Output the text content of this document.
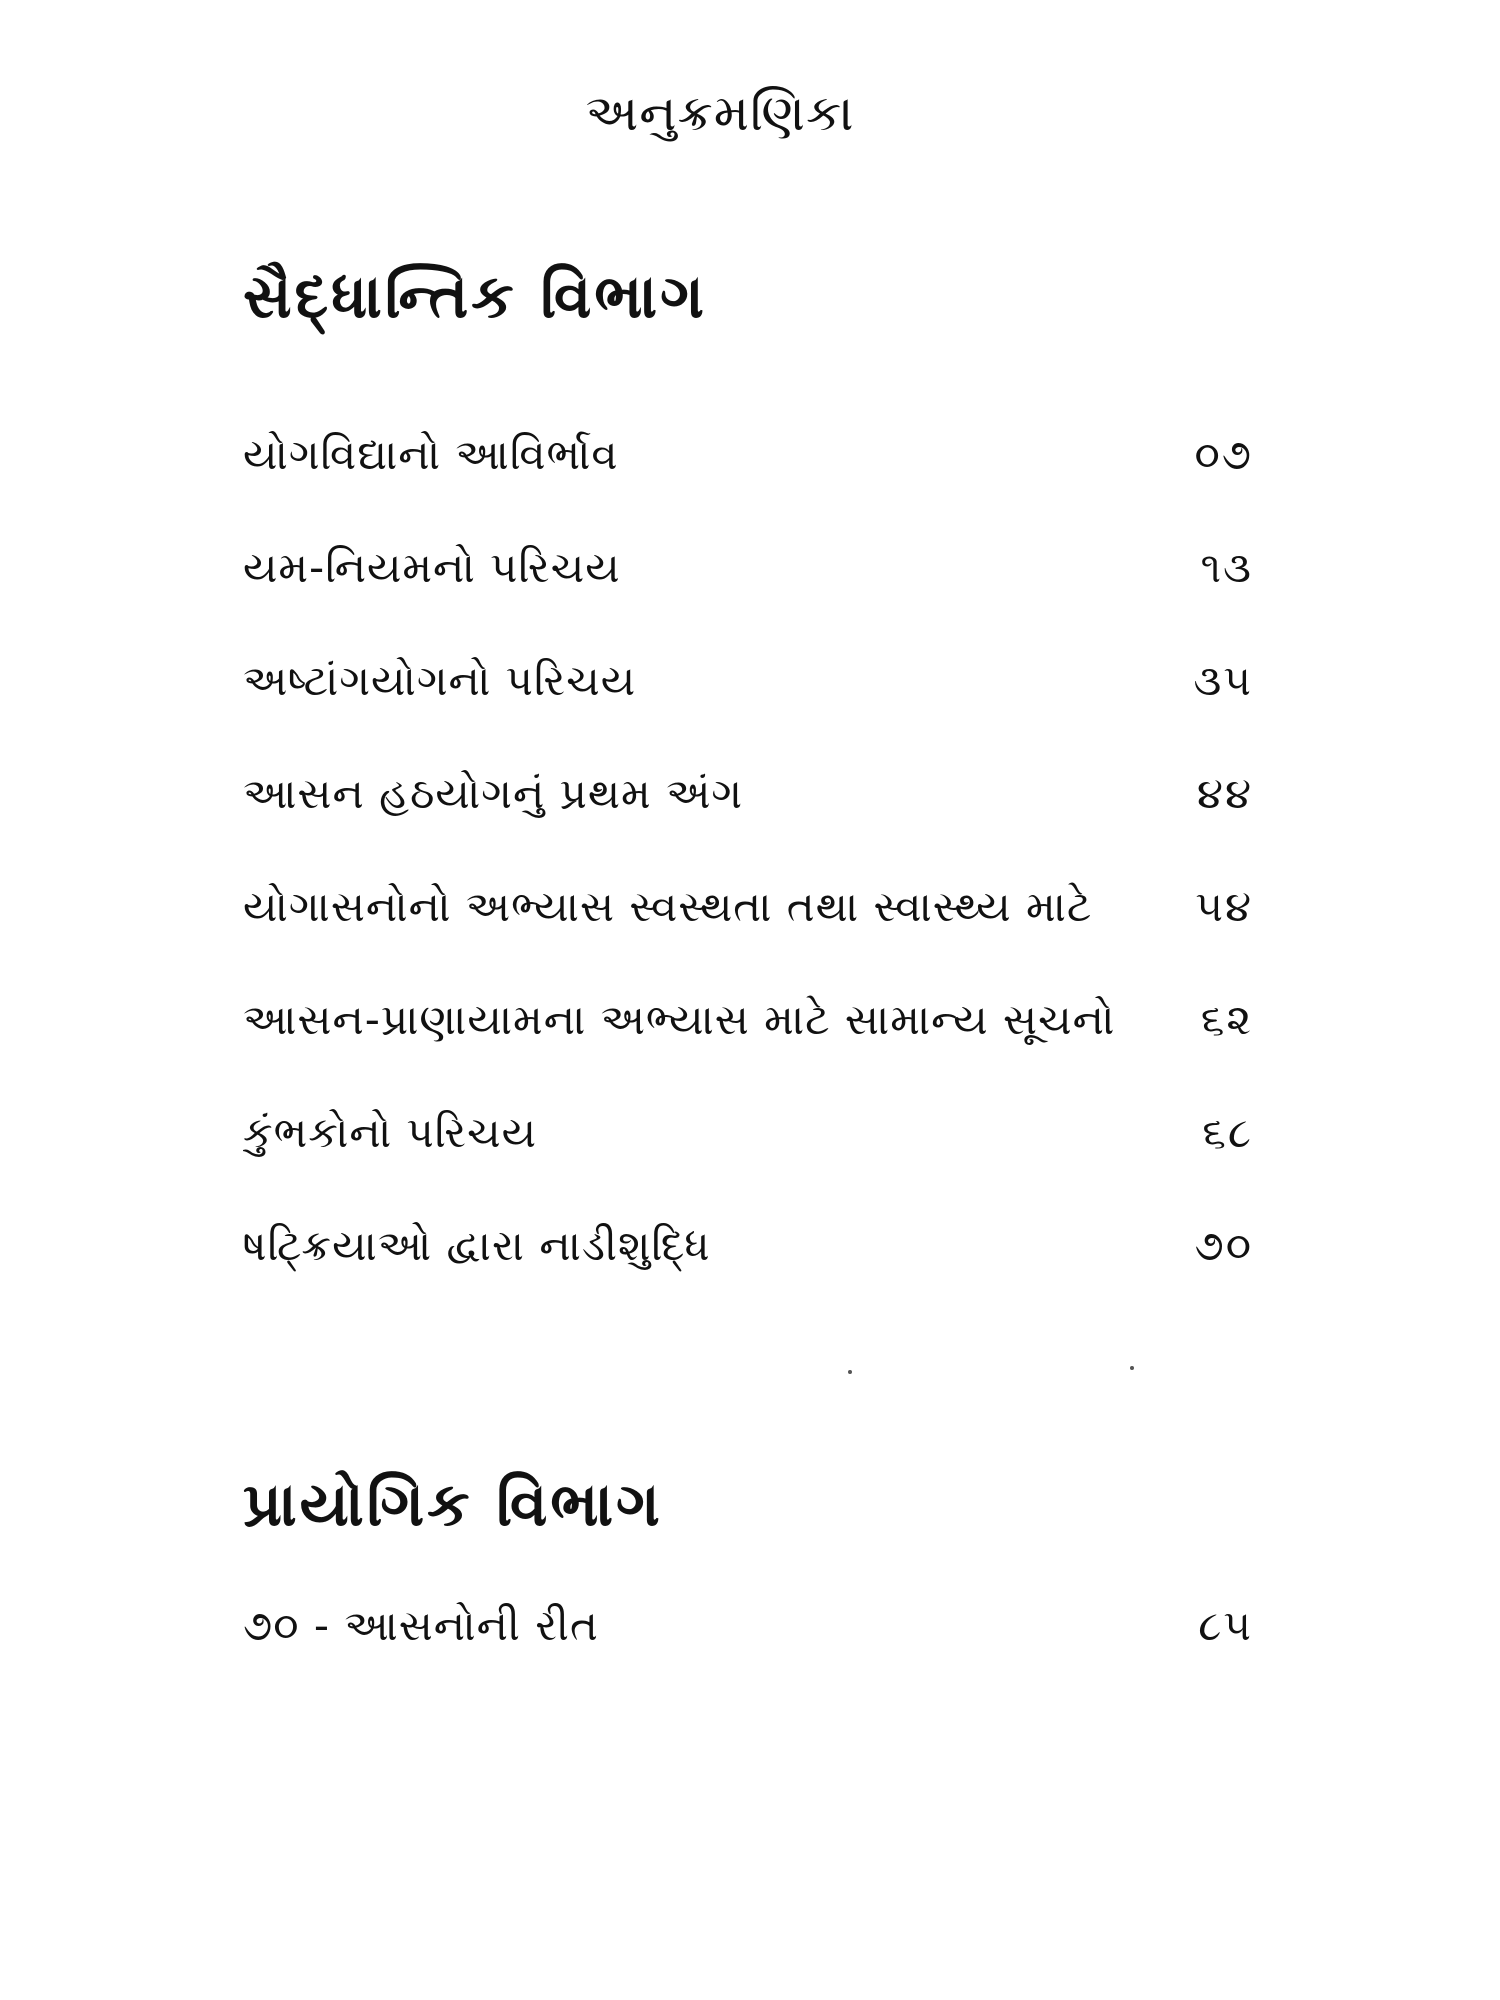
અનુક્રમણિકા
સૈદ્ધાન્તિક વિભાગ
યોગવિદ્યાનો આવિર્ભાવ	૦૭
યમ-નિયમનો પરિચય	૧૩
અષ્ટાંગયોગનો પરિચય	૩૫
આસન હઠયોગનું પ્રથમ અંગ	૪૪
યોગાસનોનો અભ્યાસ સ્વસ્થતા તથા સ્વાસ્થ્ય માટે ૫૪
આસન-પ્રાણાયામના અભ્યાસ માટે સામાન્ય સૂચનો	૬૨
કુંભકોનો પરિચય	૬૮
ષટ્ક્રિયાઓ દ્વારા નાડીશુદ્ધિ	૭૦
પ્રાયોગિક વિભાગ
૭૦ - આસનોની રીત	૮૫
